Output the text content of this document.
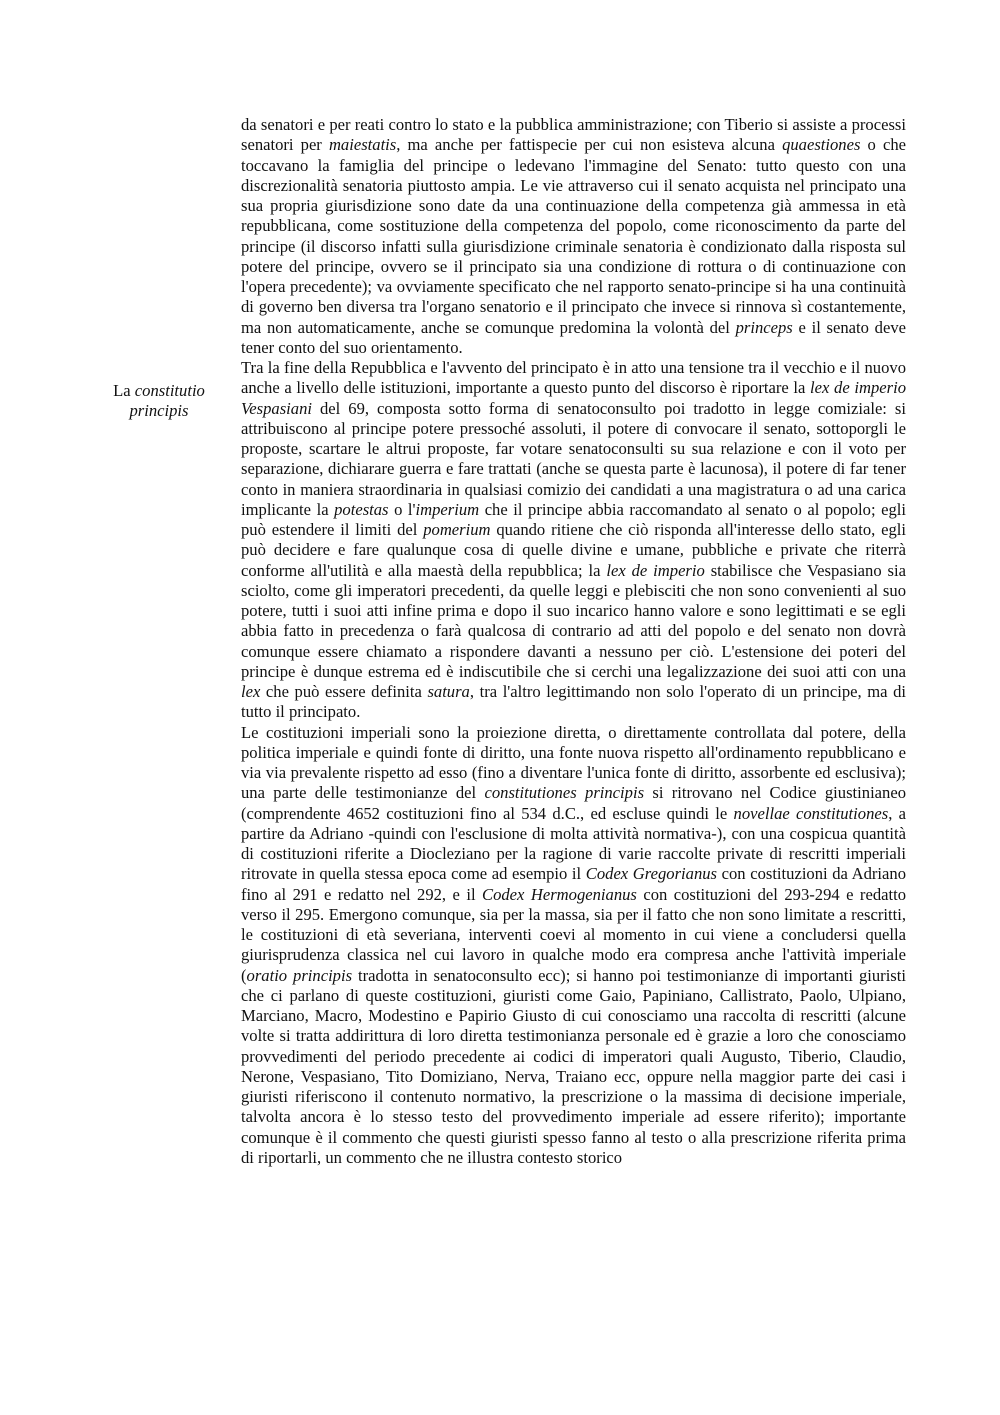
La constitutio
principis

da senatori e per reati contro lo stato e la pubblica amministrazione; con Tiberio si assiste a processi senatori per maiestatis, ma anche per fattispecie per cui non esisteva alcuna quaestiones o che toccavano la famiglia del principe o ledevano l'immagine del Senato: tutto questo con una discrezionalità senatoria piuttosto ampia. Le vie attraverso cui il senato acquista nel principato una sua propria giurisdizione sono date da una continuazione della competenza già ammessa in età repubblicana, come sostituzione della competenza del popolo, come riconoscimento da parte del principe (il discorso infatti sulla giurisdizione criminale senatoria è condizionato dalla risposta sul potere del principe, ovvero se il principato sia una condizione di rottura o di continuazione con l'opera precedente); va ovviamente specificato che nel rapporto senato-principe si ha una continuità di governo ben diversa tra l'organo senatorio e il principato che invece si rinnova sì costantemente, ma non automaticamente, anche se comunque predomina la volontà del princeps e il senato deve tener conto del suo orientamento.

Tra la fine della Repubblica e l'avvento del principato è in atto una tensione tra il vecchio e il nuovo anche a livello delle istituzioni, importante a questo punto del discorso è riportare la lex de imperio Vespasiani del 69, composta sotto forma di senatoconsulto poi tradotto in legge comiziale: si attribuiscono al principe potere pressoché assoluti, il potere di convocare il senato, sottoporgli le proposte, scartare le altrui proposte, far votare senatoconsulti su sua relazione e con il voto per separazione, dichiarare guerra e fare trattati (anche se questa parte è lacunosa), il potere di far tener conto in maniera straordinaria in qualsiasi comizio dei candidati a una magistratura o ad una carica implicante la potestas o l'imperium che il principe abbia raccomandato al senato o al popolo; egli può estendere il limiti del pomerium quando ritiene che ciò risponda all'interesse dello stato, egli può decidere e fare qualunque cosa di quelle divine e umane, pubbliche e private che riterrà conforme all'utilità e alla maestà della repubblica; la lex de imperio stabilisce che Vespasiano sia sciolto, come gli imperatori precedenti, da quelle leggi e plebisciti che non sono convenienti al suo potere, tutti i suoi atti infine prima e dopo il suo incarico hanno valore e sono legittimati e se egli abbia fatto in precedenza o farà qualcosa di contrario ad atti del popolo e del senato non dovrà comunque essere chiamato a rispondere davanti a nessuno per ciò. L'estensione dei poteri del principe è dunque estrema ed è indiscutibile che si cerchi una legalizzazione dei suoi atti con una lex che può essere definita satura, tra l'altro legittimando non solo l'operato di un principe, ma di tutto il principato.

Le costituzioni imperiali sono la proiezione diretta, o direttamente controllata dal potere, della politica imperiale e quindi fonte di diritto, una fonte nuova rispetto all'ordinamento repubblicano e via via prevalente rispetto ad esso (fino a diventare l'unica fonte di diritto, assorbente ed esclusiva); una parte delle testimonianze del constitutiones principis si ritrovano nel Codice giustinianeo (comprendente 4652 costituzioni fino al 534 d.C., ed escluse quindi le novellae constitutiones, a partire da Adriano -quindi con l'esclusione di molta attività normativa-), con una cospicua quantità di costituzioni riferite a Diocleziano per la ragione di varie raccolte private di rescritti imperiali ritrovate in quella stessa epoca come ad esempio il Codex Gregorianus con costituzioni da Adriano fino al 291 e redatto nel 292, e il Codex Hermogenianus con costituzioni del 293-294 e redatto verso il 295. Emergono comunque, sia per la massa, sia per il fatto che non sono limitate a rescritti, le costituzioni di età severiana, interventi coevi al momento in cui viene a concludersi quella giurisprudenza classica nel cui lavoro in qualche modo era compresa anche l'attività imperiale (oratio principis tradotta in senatoconsulto ecc); si hanno poi testimonianze di importanti giuristi che ci parlano di queste costituzioni, giuristi come Gaio, Papiniano, Callistrato, Paolo, Ulpiano, Marciano, Macro, Modestino e Papirio Giusto di cui conosciamo una raccolta di rescritti (alcune volte si tratta addirittura di loro diretta testimonianza personale ed è grazie a loro che conosciamo provvedimenti del periodo precedente ai codici di imperatori quali Augusto, Tiberio, Claudio, Nerone, Vespasiano, Tito Domiziano, Nerva, Traiano ecc, oppure nella maggior parte dei casi i giuristi riferiscono il contenuto normativo, la prescrizione o la massima di decisione imperiale, talvolta ancora è lo stesso testo del provvedimento imperiale ad essere riferito); importante comunque è il commento che questi giuristi spesso fanno al testo o alla prescrizione riferita prima di riportarli, un commento che ne illustra contesto storico
